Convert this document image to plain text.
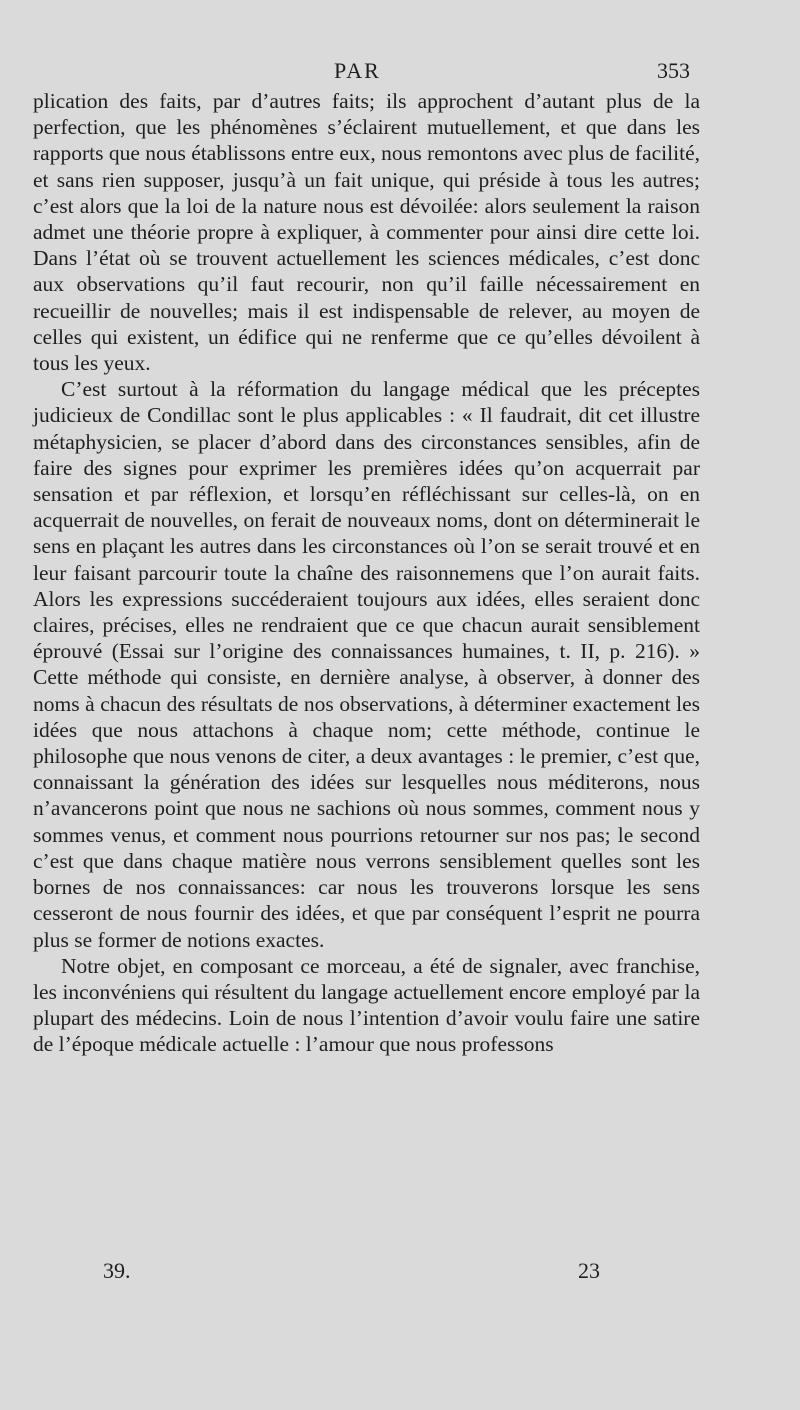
PAR	353

plication des faits, par d’autres faits; ils approchent d’autant plus de la perfection, que les phénomènes s’éclairent mutuellement, et que dans les rapports que nous établissons entre eux, nous remontons avec plus de facilité, et sans rien supposer, jusqu’à un fait unique, qui préside à tous les autres; c’est alors que la loi de la nature nous est dévoilée: alors seulement la raison admet une théorie propre à expliquer, à commenter pour ainsi dire cette loi. Dans l’état où se trouvent actuellement les sciences médicales, c’est donc aux observations qu’il faut recourir, non qu’il faille nécessairement en recueillir de nouvelles; mais il est indispensable de relever, au moyen de celles qui existent, un édifice qui ne renferme que ce qu’elles dévoilent à tous les yeux.

C’est surtout à la réformation du langage médical que les préceptes judicieux de Condillac sont le plus applicables : « Il faudrait, dit cet illustre métaphysicien, se placer d’abord dans des circonstances sensibles, afin de faire des signes pour exprimer les premières idées qu’on acquerrait par sensation et par réflexion, et lorsqu’en réfléchissant sur celles-là, on en acquerrait de nouvelles, on ferait de nouveaux noms, dont on déterminerait le sens en plaçant les autres dans les circonstances où l’on se serait trouvé et en leur faisant parcourir toute la chaîne des raisonnemens que l’on aurait faits. Alors les expressions succéderaient toujours aux idées, elles seraient donc claires, précises, elles ne rendraient que ce que chacun aurait sensiblement éprouvé (Essai sur l’origine des connaissances humaines, t. II, p. 216). » Cette méthode qui consiste, en dernière analyse, à observer, à donner des noms à chacun des résultats de nos observations, à déterminer exactement les idées que nous attachons à chaque nom; cette méthode, continue le philosophe que nous venons de citer, a deux avantages : le premier, c’est que, connaissant la génération des idées sur lesquelles nous méditerons, nous n’avancerons point que nous ne sachions où nous sommes, comment nous y sommes venus, et comment nous pourrions retourner sur nos pas; le second c’est que dans chaque matière nous verrons sensiblement quelles sont les bornes de nos connaissances: car nous les trouverons lorsque les sens cesseront de nous fournir des idées, et que par conséquent l’esprit ne pourra plus se former de notions exactes.

Notre objet, en composant ce morceau, a été de signaler, avec franchise, les inconvéniens qui résultent du langage actuellement encore employé par la plupart des médecins. Loin de nous l’intention d’avoir voulu faire une satire de l’époque médicale actuelle : l’amour que nous professons

39.	23
